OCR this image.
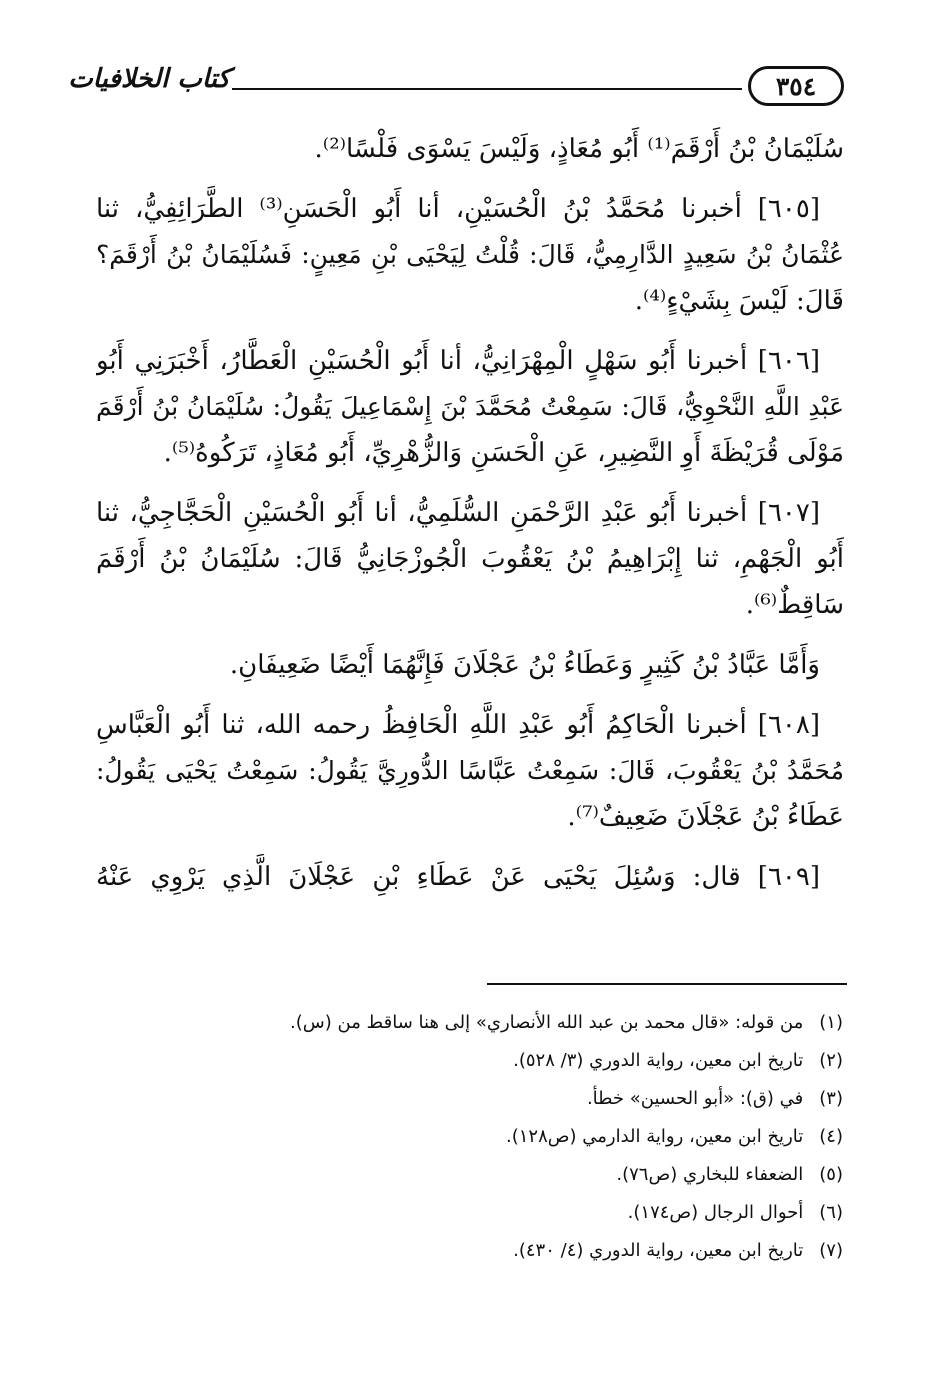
٣٥٤
كتاب الخلافيات
سُلَيْمَانُ بْنُ أَرْقَمَ⁽¹⁾ أَبُو مُعَاذٍ، وَلَيْسَ يَسْوَى فَلْسًا⁽²⁾.
[٦٠٥] أخبرنا مُحَمَّدُ بْنُ الْحُسَيْنِ، أنا أَبُو الْحَسَنِ⁽³⁾ الطَّرَائِفِيُّ، ثنا
عُثْمَانُ بْنُ سَعِيدٍ الدَّارِمِيُّ، قَالَ: قُلْتُ لِيَحْيَى بْنِ مَعِينٍ: فَسُلَيْمَانُ بْنُ أَرْقَمَ؟
قَالَ: لَيْسَ بِشَيْءٍ⁽⁴⁾.
[٦٠٦] أخبرنا أَبُو سَهْلٍ الْمِهْرَانِيُّ، أنا أَبُو الْحُسَيْنِ الْعَطَّارُ، أَخْبَرَنِي أَبُو
عَبْدِ اللَّهِ النَّحْوِيُّ، قَالَ: سَمِعْتُ مُحَمَّدَ بْنَ إِسْمَاعِيلَ يَقُولُ: سُلَيْمَانُ بْنُ أَرْقَمَ
مَوْلَى قُرَيْظَةَ أَوِ النَّضِيرِ، عَنِ الْحَسَنِ وَالزُّهْرِيِّ، أَبُو مُعَاذٍ، تَرَكُوهُ⁽⁵⁾.
[٦٠٧] أخبرنا أَبُو عَبْدِ الرَّحْمَنِ السُّلَمِيُّ، أنا أَبُو الْحُسَيْنِ الْحَجَّاجِيُّ، ثنا
أَبُو الْجَهْمِ، ثنا إِبْرَاهِيمُ بْنُ يَعْقُوبَ الْجُوزْجَانِيُّ قَالَ: سُلَيْمَانُ بْنُ أَرْقَمَ
سَاقِطٌ⁽⁶⁾.
وَأَمَّا عَبَّادُ بْنُ كَثِيرٍ وَعَطَاءُ بْنُ عَجْلَانَ فَإِنَّهُمَا أَيْضًا ضَعِيفَانِ.
[٦٠٨] أخبرنا الْحَاكِمُ أَبُو عَبْدِ اللَّهِ الْحَافِظُ رحمه الله، ثنا أَبُو الْعَبَّاسِ
مُحَمَّدُ بْنُ يَعْقُوبَ، قَالَ: سَمِعْتُ عَبَّاسًا الدُّورِيَّ يَقُولُ: سَمِعْتُ يَحْيَى يَقُولُ:
عَطَاءُ بْنُ عَجْلَانَ ضَعِيفٌ⁽⁷⁾.
[٦٠٩] قال: وَسُئِلَ يَحْيَى عَنْ عَطَاءِ بْنِ عَجْلَانَ الَّذِي يَرْوِي عَنْهُ
(١) من قوله: «قال محمد بن عبد الله الأنصاري» إلى هنا ساقط من (س).
(٢) تاريخ ابن معين، رواية الدوري (٣/ ٥٢٨).
(٣) في (ق): «أبو الحسين» خطأ.
(٤) تاريخ ابن معين، رواية الدارمي (ص١٢٨).
(٥) الضعفاء للبخاري (ص٧٦).
(٦) أحوال الرجال (ص١٧٤).
(٧) تاريخ ابن معين، رواية الدوري (٤/ ٤٣٠).
